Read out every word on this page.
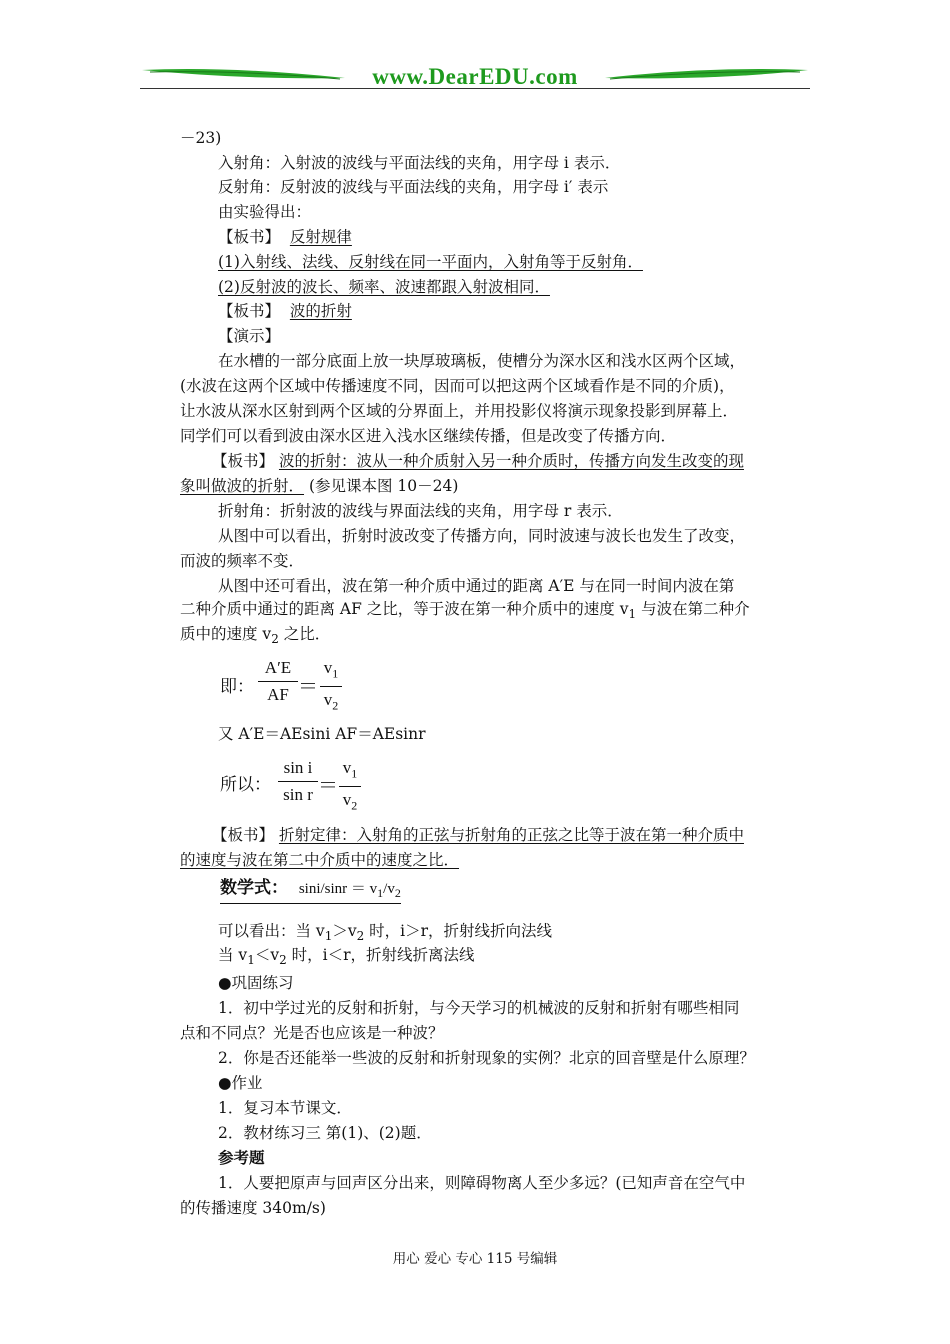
www.DearEDU.com
－23)
入射角：入射波的波线与平面法线的夹角，用字母 i 表示．
反射角：反射波的波线与平面法线的夹角，用字母 i′ 表示
由实验得出：
【板书】 反射规律
(1)入射线、法线、反射线在同一平面内，入射角等于反射角．
(2)反射波的波长、频率、波速都跟入射波相同．
【板书】 波的折射
【演示】
在水槽的一部分底面上放一块厚玻璃板，使槽分为深水区和浅水区两个区域，
(水波在这两个区域中传播速度不同，因而可以把这两个区域看作是不同的介质)，
让水波从深水区射到两个区域的分界面上，并用投影仪将演示现象投影到屏幕上．
同学们可以看到波由深水区进入浅水区继续传播，但是改变了传播方向．
【板书】 波的折射：波从一种介质射入另一种介质时，传播方向发生改变的现
象叫做波的折射． (参见课本图 10－24)
折射角：折射波的波线与界面法线的夹角，用字母 r 表示．
从图中可以看出，折射时波改变了传播方向，同时波速与波长也发生了改变，
而波的频率不变．
从图中还可看出，波在第一种介质中通过的距离 A′E 与在同一时间内波在第
二种介质中通过的距离 AF 之比，等于波在第一种介质中的速度 $v_1$ 与波在第二种介
质中的速度 $v_2$ 之比．
即：
A′E
AF ＝
$v_1$
$v_2$
又 A′E＝AEsini AF＝AEsinr
所以：
sin i
sin r ＝
$v_1$
$v_2$
【板书】 折射定律：入射角的正弦与折射角的正弦之比等于波在第一种介质中
的速度与波在第二中介质中的速度之比．
数学式： $\sin i/\sin r = v_1/v_2$
可以看出：当 $v_1>v_2$ 时，i＞r，折射线折向法线
当 $v_1<v_2$ 时，i＜r，折射线折离法线
●巩固练习
1．初中学过光的反射和折射，与今天学习的机械波的反射和折射有哪些相同
点和不同点？光是否也应该是一种波？
2．你是否还能举一些波的反射和折射现象的实例？北京的回音壁是什么原理？
●作业
1．复习本节课文．
2．教材练习三 第(1)、(2)题．
参考题
1．人要把原声与回声区分出来，则障碍物离人至少多远？(已知声音在空气中
的传播速度 340m/s)
用心 爱心 专心 115 号编辑
